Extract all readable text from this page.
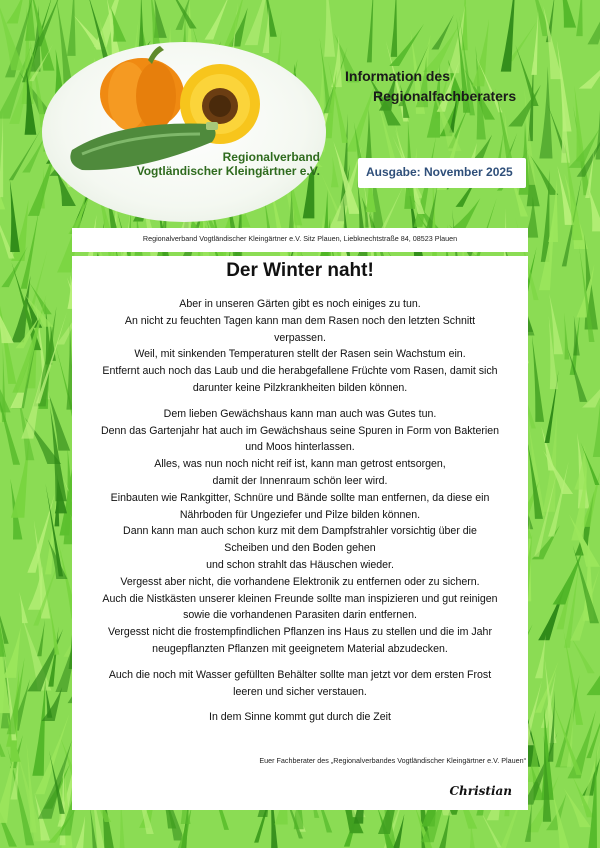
Regionalverband
Vogtländischer Kleingärtner e.V.
Information des
Regionalfachberaters
Ausgabe: November 2025
Regionalverband Vogtländischer Kleingärtner e.V. Sitz Plauen, Liebknechtstraße 84, 08523 Plauen
Der Winter naht!

Aber in unseren Gärten gibt es noch einiges zu tun.

An nicht zu feuchten Tagen kann man dem Rasen noch den letzten Schnitt

verpassen.

Weil, mit sinkenden Temperaturen stellt der Rasen sein Wachstum ein.

Entfernt auch noch das Laub und die herabgefallene Früchte vom Rasen, damit sich

darunter keine Pilzkrankheiten bilden können.

Dem lieben Gewächshaus kann man auch was Gutes tun.

Denn das Gartenjahr hat auch im Gewächshaus seine Spuren in Form von Bakterien

und Moos hinterlassen.

Alles, was nun noch nicht reif ist, kann man getrost entsorgen,

damit der Innenraum schön leer wird.

Einbauten wie Rankgitter, Schnüre und Bände sollte man entfernen, da diese ein

Nährboden für Ungeziefer und Pilze bilden können.

Dann kann man auch schon kurz mit dem Dampfstrahler vorsichtig über die

Scheiben und den Boden gehen

und schon strahlt das Häuschen wieder.

Vergesst aber nicht, die vorhandene Elektronik zu entfernen oder zu sichern.

Auch die Nistkästen unserer kleinen Freunde sollte man inspizieren und gut reinigen

sowie die vorhandenen Parasiten darin entfernen.

Vergesst nicht die frostempfindlichen Pflanzen ins Haus zu stellen und die im Jahr

neugepflanzten Pflanzen mit geeignetem Material abzudecken.

Auch die noch mit Wasser gefüllten Behälter sollte man jetzt vor dem ersten Frost

leeren und sicher verstauen.

In dem Sinne kommt gut durch die Zeit

Euer Fachberater des „Regionalverbandes Vogtländischer Kleingärtner e.V. Plauen“
Christian
